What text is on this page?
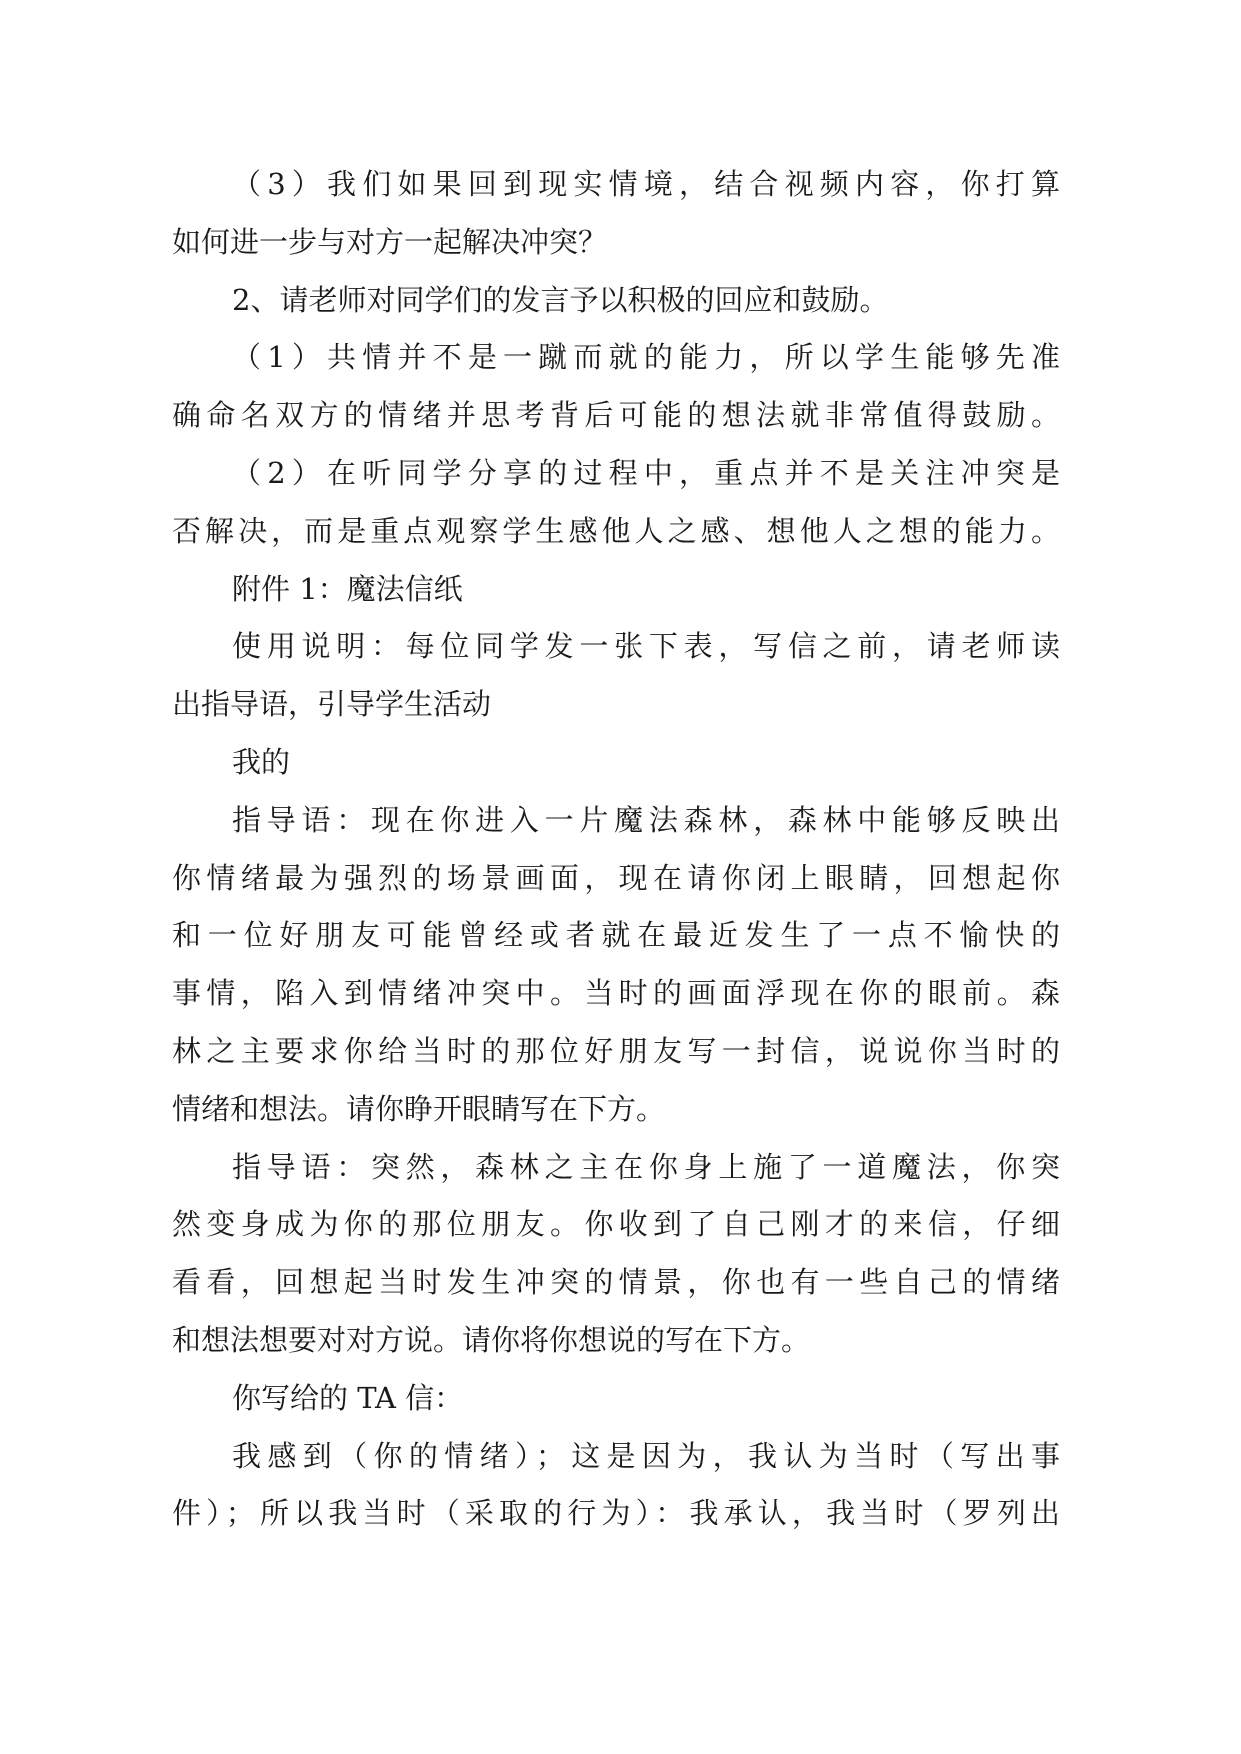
（3）我们如果回到现实情境，结合视频内容，你打算
如何进一步与对方一起解决冲突？
2、请老师对同学们的发言予以积极的回应和鼓励。
（1）共情并不是一蹴而就的能力，所以学生能够先准
确命名双方的情绪并思考背后可能的想法就非常值得鼓励。
（2）在听同学分享的过程中，重点并不是关注冲突是
否解决，而是重点观察学生感他人之感、想他人之想的能力。
附件 1：魔法信纸
使用说明：每位同学发一张下表，写信之前，请老师读
出指导语，引导学生活动
我的
指导语：现在你进入一片魔法森林，森林中能够反映出
你情绪最为强烈的场景画面，现在请你闭上眼睛，回想起你
和一位好朋友可能曾经或者就在最近发生了一点不愉快的
事情，陷入到情绪冲突中。当时的画面浮现在你的眼前。森
林之主要求你给当时的那位好朋友写一封信，说说你当时的
情绪和想法。请你睁开眼睛写在下方。
指导语：突然，森林之主在你身上施了一道魔法，你突
然变身成为你的那位朋友。你收到了自己刚才的来信，仔细
看看，回想起当时发生冲突的情景，你也有一些自己的情绪
和想法想要对对方说。请你将你想说的写在下方。
你写给的 TA 信：
我感到（你的情绪）；这是因为，我认为当时（写出事
件）；所以我当时（采取的行为）：我承认，我当时（罗列出
